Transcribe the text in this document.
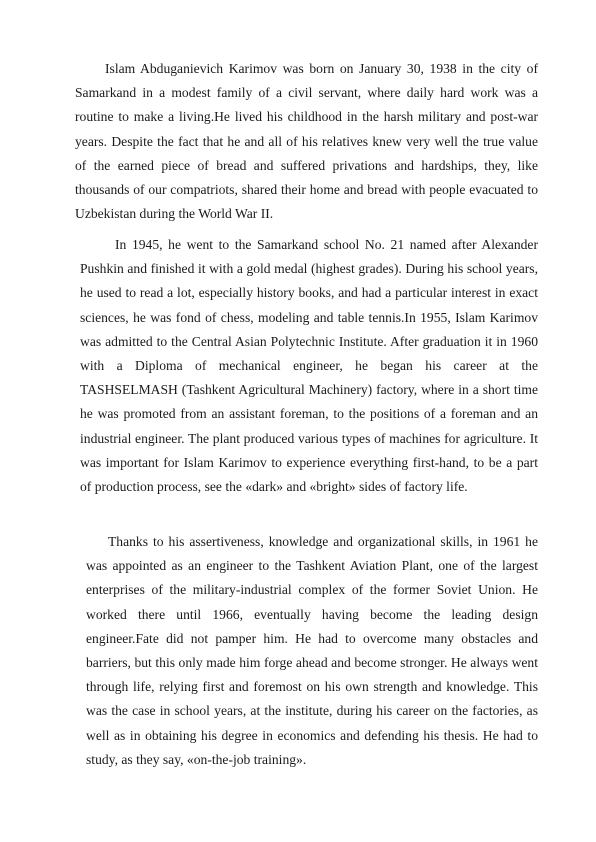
Islam Abduganievich Karimov was born on January 30, 1938 in the city of Samarkand in a modest family of a civil servant, where daily hard work was a routine to make a living.He lived his childhood in the harsh military and post-war years. Despite the fact that he and all of his relatives knew very well the true value of the earned piece of bread and suffered privations and hardships, they, like thousands of our compatriots, shared their home and bread with people evacuated to Uzbekistan during the World War II.

In 1945, he went to the Samarkand school No. 21 named after Alexander Pushkin and finished it with a gold medal (highest grades). During his school years, he used to read a lot, especially history books, and had a particular interest in exact sciences, he was fond of chess, modeling and table tennis.In 1955, Islam Karimov was admitted to the Central Asian Polytechnic Institute. After graduation it in 1960 with a Diploma of mechanical engineer, he began his career at the TASHSELMASH (Tashkent Agricultural Machinery) factory, where in a short time he was promoted from an assistant foreman, to the positions of a foreman and an industrial engineer. The plant produced various types of machines for agriculture. It was important for Islam Karimov to experience everything first-hand, to be a part of production process, see the «dark» and «bright» sides of factory life.

Thanks to his assertiveness, knowledge and organizational skills, in 1961 he was appointed as an engineer to the Tashkent Aviation Plant, one of the largest enterprises of the military-industrial complex of the former Soviet Union. He worked there until 1966, eventually having become the leading design engineer.Fate did not pamper him. He had to overcome many obstacles and barriers, but this only made him forge ahead and become stronger. He always went through life, relying first and foremost on his own strength and knowledge. This was the case in school years, at the institute, during his career on the factories, as well as in obtaining his degree in economics and defending his thesis. He had to study, as they say, «on-the-job training».
